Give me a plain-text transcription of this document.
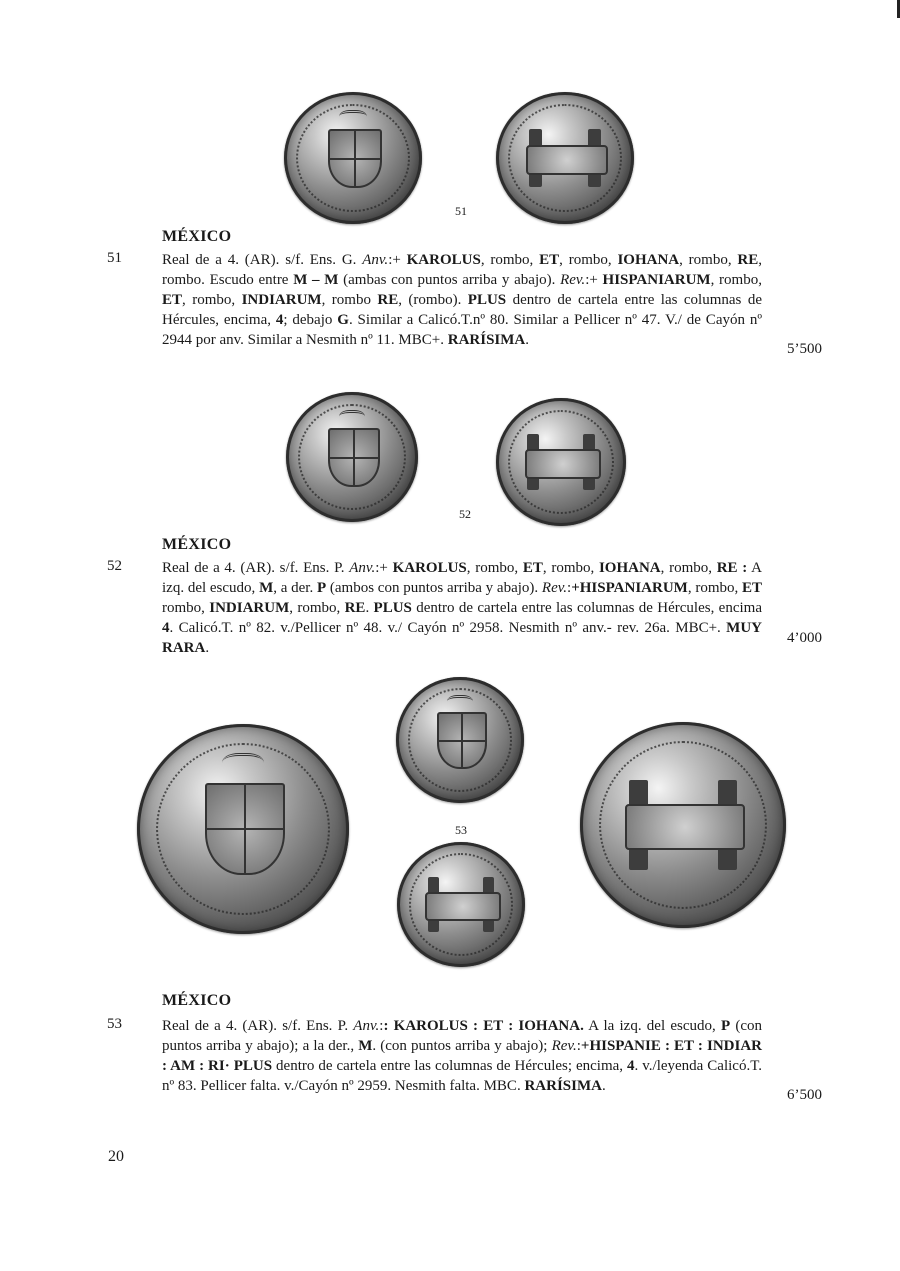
51
MÉXICO
51	Real de a 4. (AR). s/f. Ens. G. Anv.:+ KAROLUS, rombo, ET, rombo, IOHANA, rombo, RE, rombo. Escudo entre M – M (ambas con puntos arriba y abajo). Rev.:+ HISPANIARUM, rombo, ET, rombo, INDIARUM, rombo RE, (rombo). PLUS dentro de cartela entre las columnas de Hércules, encima, 4; debajo G. Similar a Calicó.T.nº 80. Similar a Pellicer nº 47. V./ de Cayón nº 2944 por anv. Similar a Nesmith nº 11. MBC+. RARÍSIMA.
5’500
52
MÉXICO
52	Real de a 4. (AR). s/f. Ens. P. Anv.:+ KAROLUS, rombo, ET, rombo, IOHANA, rombo, RE : A izq. del escudo, M, a der. P (ambos con puntos arriba y abajo). Rev.:+HISPANIARUM, rombo, ET rombo, INDIARUM, rombo, RE. PLUS dentro de cartela entre las columnas de Hércules, encima 4. Calicó.T. nº 82. v./Pellicer nº 48. v./ Cayón nº 2958. Nesmith nº anv.- rev. 26a. MBC+. MUY RARA.
4’000
53
MÉXICO
53	Real de a 4. (AR). s/f. Ens. P. Anv.:: KAROLUS : ET : IOHANA. A la izq. del escudo, P (con puntos arriba y abajo); a la der., M. (con puntos arriba y abajo); Rev.:+HISPANIE : ET : INDIAR : AM : RI· PLUS dentro de cartela entre las columnas de Hércules; encima, 4. v./leyenda Calicó.T. nº 83. Pellicer falta. v./Cayón nº 2959. Nesmith falta. MBC. RARÍSIMA.
6’500
20
